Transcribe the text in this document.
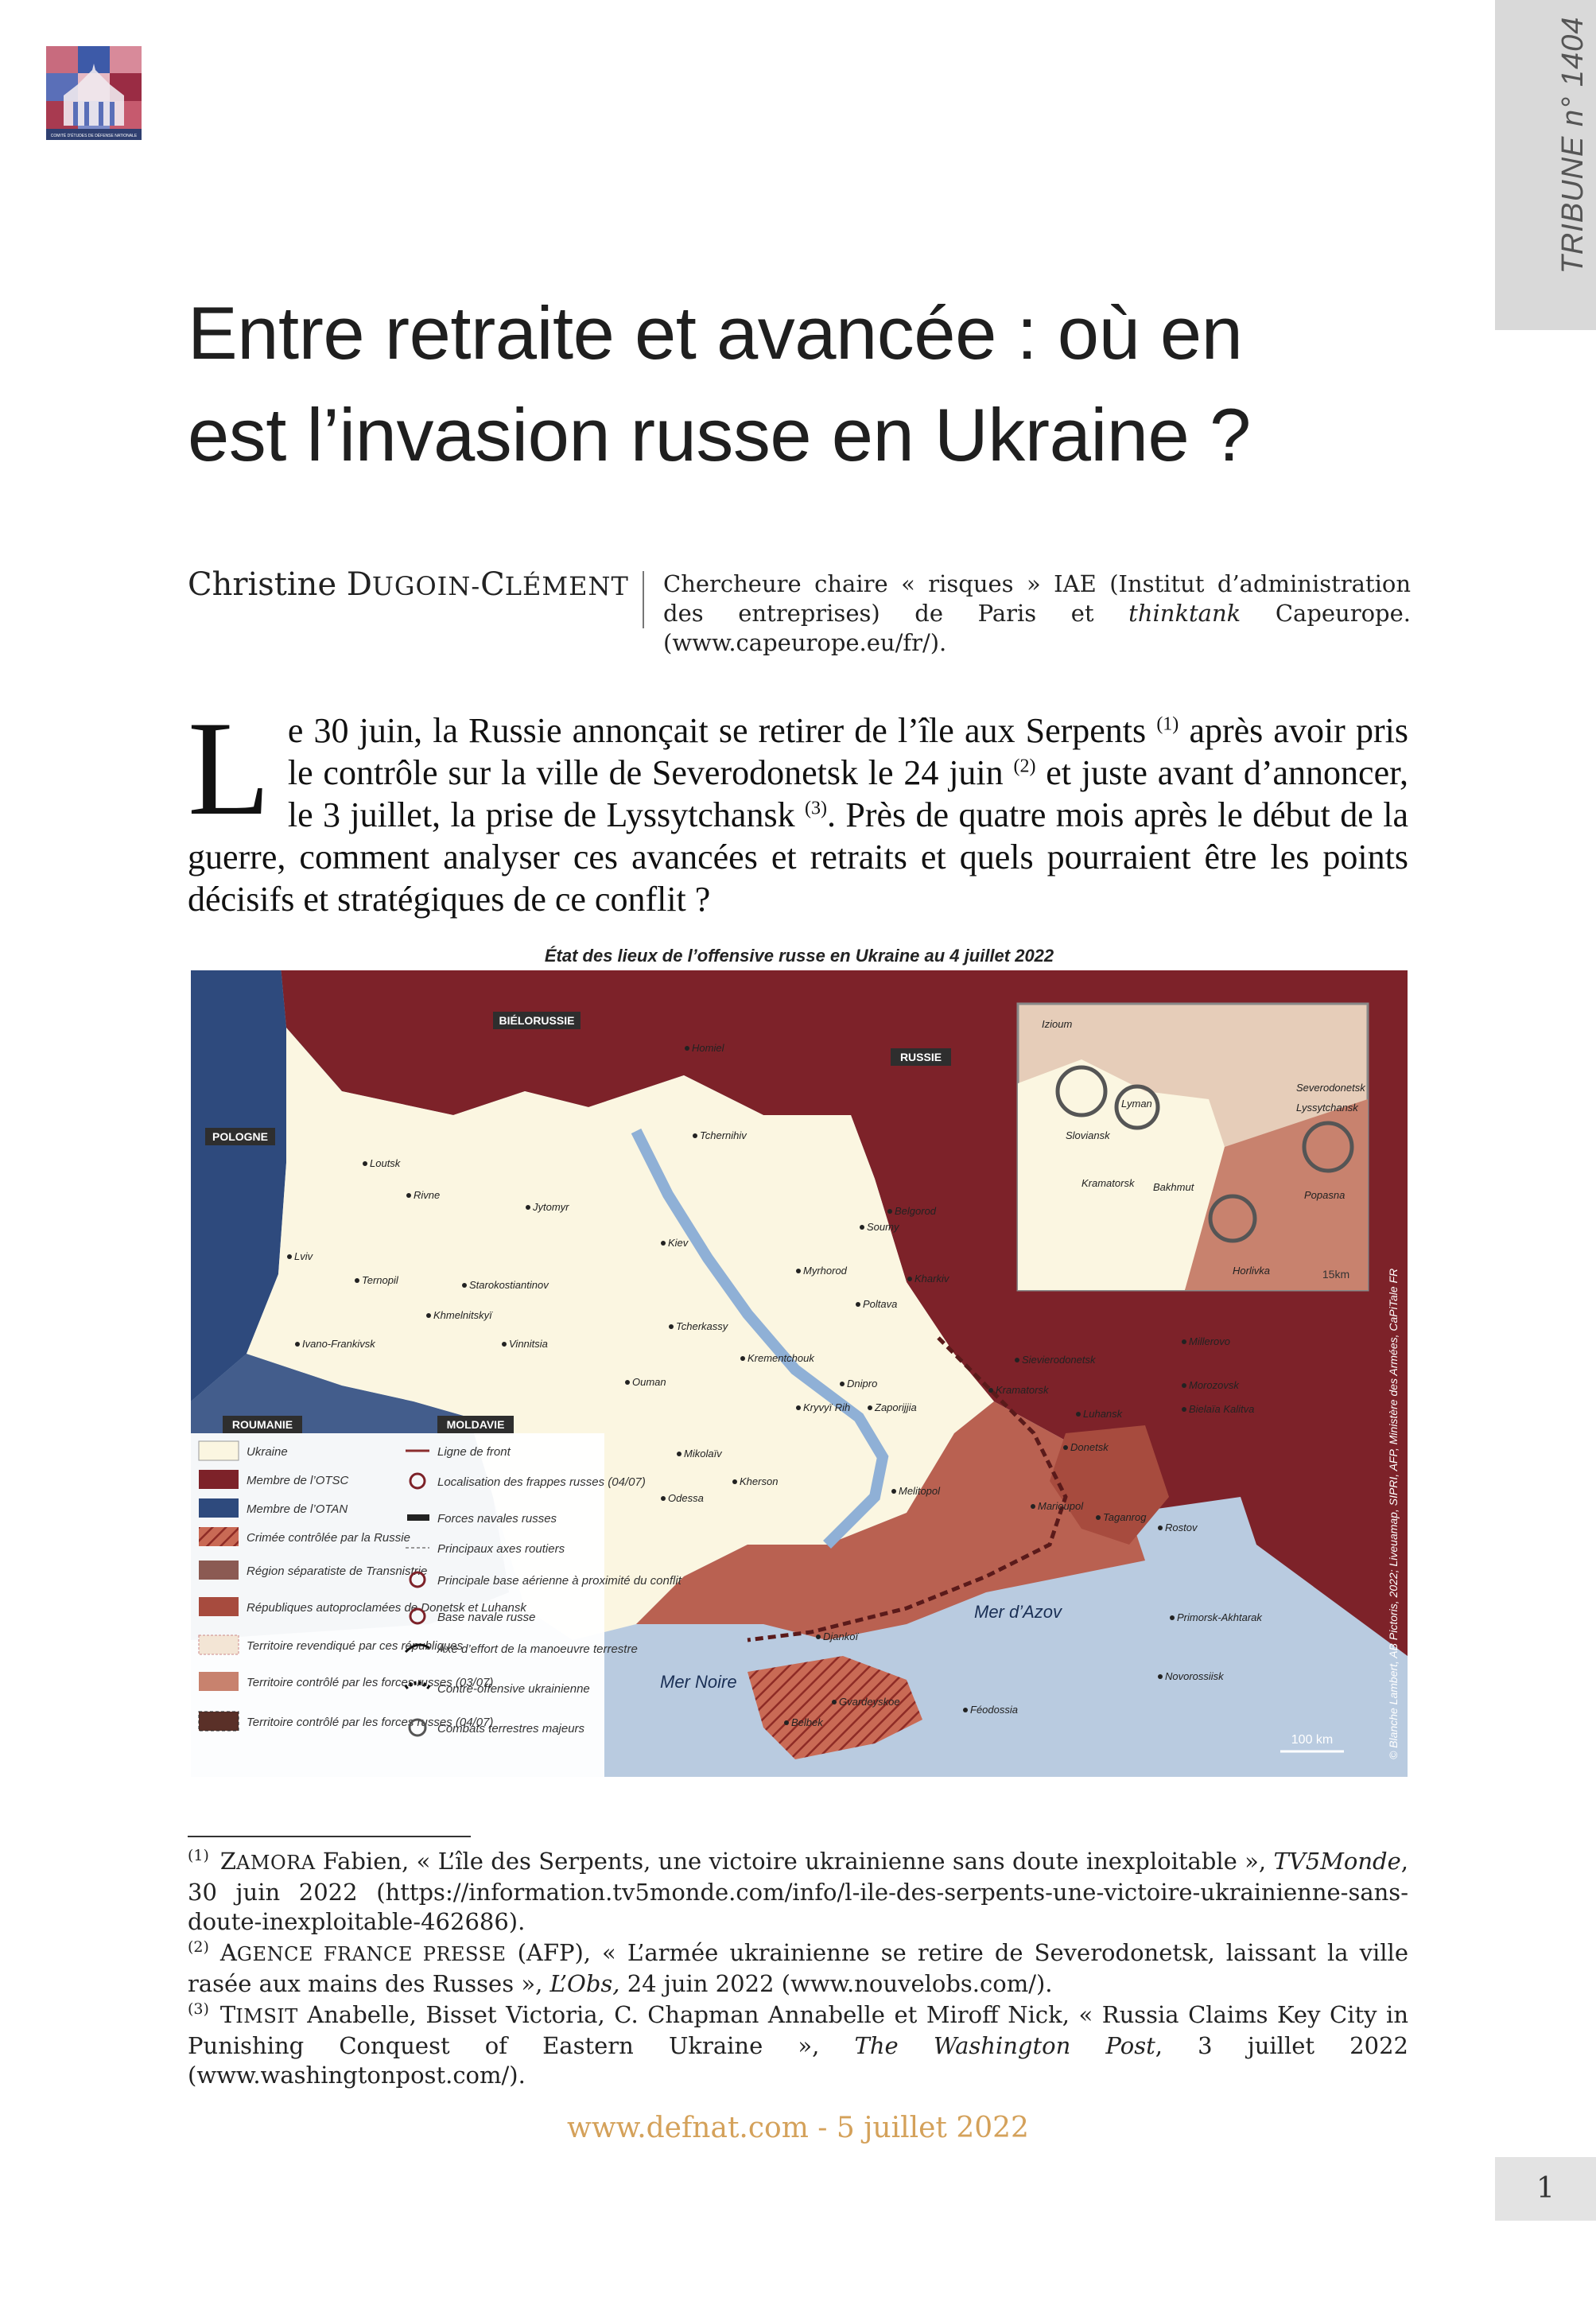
COMITÉ D'ÉTUDES DE DÉFENSE NATIONALE	TRIBUNE n° 1404
Entre retraite et avancée : où en
est l’invasion russe en Ukraine ?
Christine DUGOIN-CLÉMENT Chercheure chaire « risques » IAE (Institut d’administration des entreprises) de Paris et thinktank Capeurope. (www.capeurope.eu/fr/).
Le 30 juin, la Russie annonçait se retirer de l’île aux Serpents $^{(1)}$ après avoir pris le contrôle sur la ville de Severodonetsk le 24 juin $^{(2)}$ et juste avant d’annoncer, le 3 juillet, la prise de Lyssytchansk $^{(3)}$. Près de quatre mois après le début de la guerre, comment analyser ces avancées et retraits et quels pourraient être les points décisifs et stratégiques de ce conflit ?
État des lieux de l’offensive russe en Ukraine au 4 juillet 2022
BIÉLORUSSIE
RUSSIE
POLOGNE
ROUMANIE	MOLDAVIE
Mer Noire
Mer d’Azov
Ukraine
Membre de l’OTSC
Membre de l’OTAN
Crimée contrôlée par la Russie
Région séparatiste de Transnistrie
Républiques autoproclamées de Donetsk et Luhansk
Territoire revendiqué par ces républiques
Territoire contrôlé par les forces russes (03/07)
Territoire contrôlé par les forces russes (04/07)
Ligne de front
Localisation des frappes russes (04/07)
Forces navales russes
Principaux axes routiers
Principale base aérienne à proximité du conflit
Base navale russe
Axe d’effort de la manoeuvre terrestre
Contre-offensive ukrainienne
Combats terrestres majeurs
100 km
15km	© Blanche Lambert, AB Pictoris, 2022; Liveuamap, SIPRI, AFP, Ministère des Armées, CaPiTale FR
Homiel
Tchernihiv
Loutsk
Rivne
Jytomyr
Kiev
Soumy
Belgorod
Lviv
Ternopil	Starokostiantinov
Khmelnitskyï
Myrhorod
Kharkiv
Poltava
Ivano-Frankivsk	Vinnitsia
Tcherkassy
Krementchouk
Ouman	Dnipro
Kryvyï Rih Zaporijjia
Mikolaïv
Kherson
Odessa
Melitopol
Marioupol
Taganrog
Rostov
Primorsk-Akhtarak
Novorossiisk
Djankoï
Gvardeyskoe
Féodossia
Belbek
Millerovo
Morozovsk
Bielaïa Kalitva
Luhansk
Donetsk
Kramatorsk
Sievierodonetsk
Izioum
Lyman
Sloviansk
Kramatorsk Bakhmut
Severodonetsk
Lyssytchansk
Popasna
Horlivka
$^{(1)}$ ZAMORA Fabien, « L’île des Serpents, une victoire ukrainienne sans doute inexploitable », TV5Monde, 30 juin 2022 (https://information.tv5monde.com/info/l-ile-des-serpents-une-victoire-ukrainienne-sans-doute-inexploitable-462686).
$^{(2)}$ AGENCE FRANCE PRESSE (AFP), « L’armée ukrainienne se retire de Severodonetsk, laissant la ville rasée aux mains des Russes », L’Obs, 24 juin 2022 (www.nouvelobs.com/).
$^{(3)}$ TIMSIT Anabelle, Bisset Victoria, C. Chapman Annabelle et Miroff Nick, « Russia Claims Key City in Punishing Conquest of Eastern Ukraine », The Washington Post, 3 juillet 2022 (www.washingtonpost.com/).
www.defnat.com - 5 juillet 2022
1
